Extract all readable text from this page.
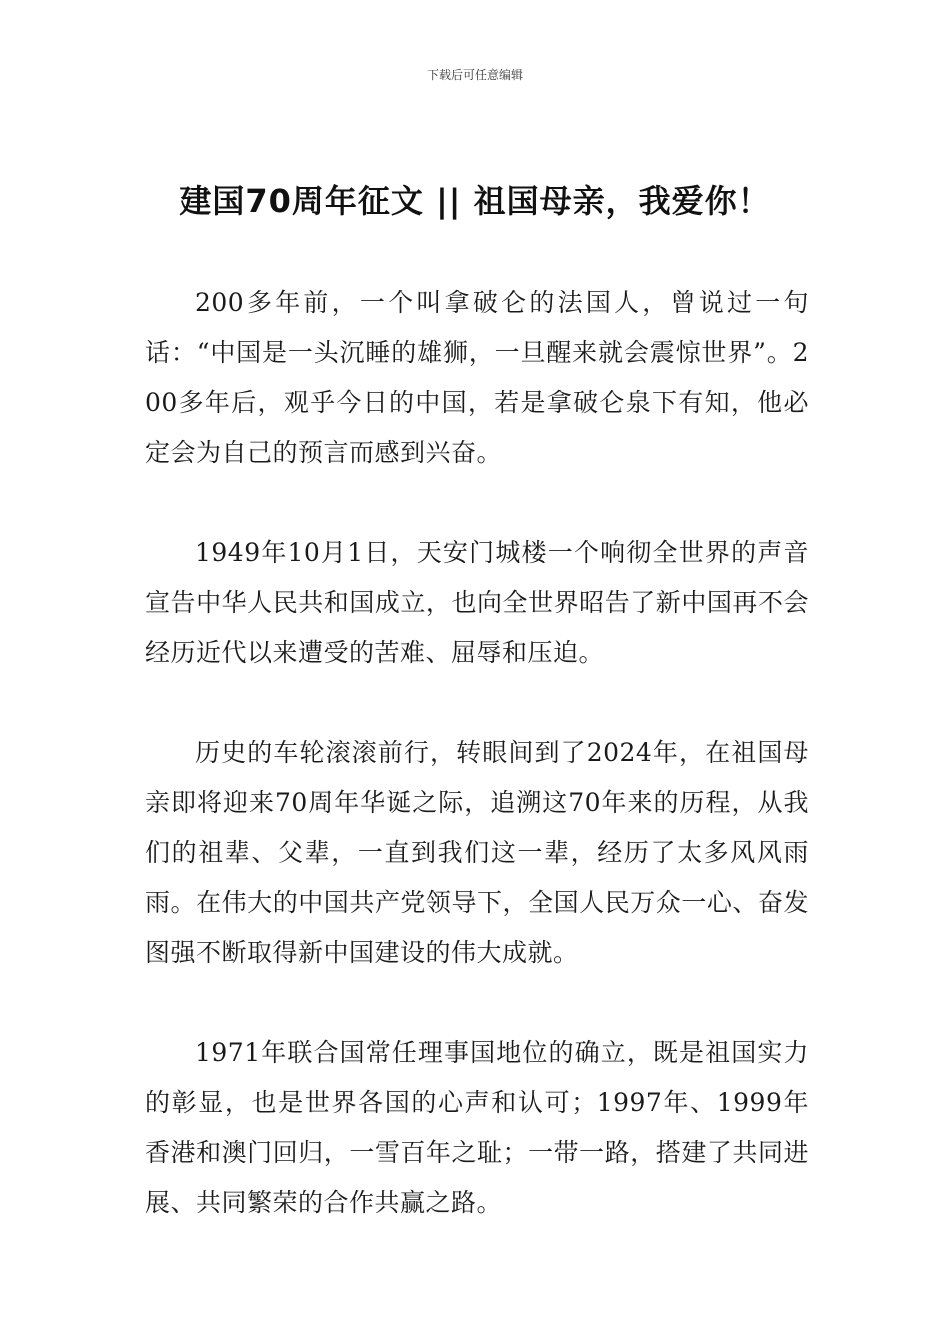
下载后可任意编辑
建国70周年征文 || 祖国母亲，我爱你！

200多年前，一个叫拿破仑的法国人，曾说过一句话：“中国是一头沉睡的雄狮，一旦醒来就会震惊世界”。200多年后，观乎今日的中国，若是拿破仑泉下有知，他必定会为自己的预言而感到兴奋。

1949年10月1日，天安门城楼一个响彻全世界的声音宣告中华人民共和国成立，也向全世界昭告了新中国再不会经历近代以来遭受的苦难、屈辱和压迫。

历史的车轮滚滚前行，转眼间到了2024年，在祖国母亲即将迎来70周年华诞之际，追溯这70年来的历程，从我们的祖辈、父辈，一直到我们这一辈，经历了太多风风雨雨。在伟大的中国共产党领导下，全国人民万众一心、奋发图强不断取得新中国建设的伟大成就。

1971年联合国常任理事国地位的确立，既是祖国实力的彰显，也是世界各国的心声和认可；1997年、1999年香港和澳门回归，一雪百年之耻；一带一路，搭建了共同进展、共同繁荣的合作共赢之路。
